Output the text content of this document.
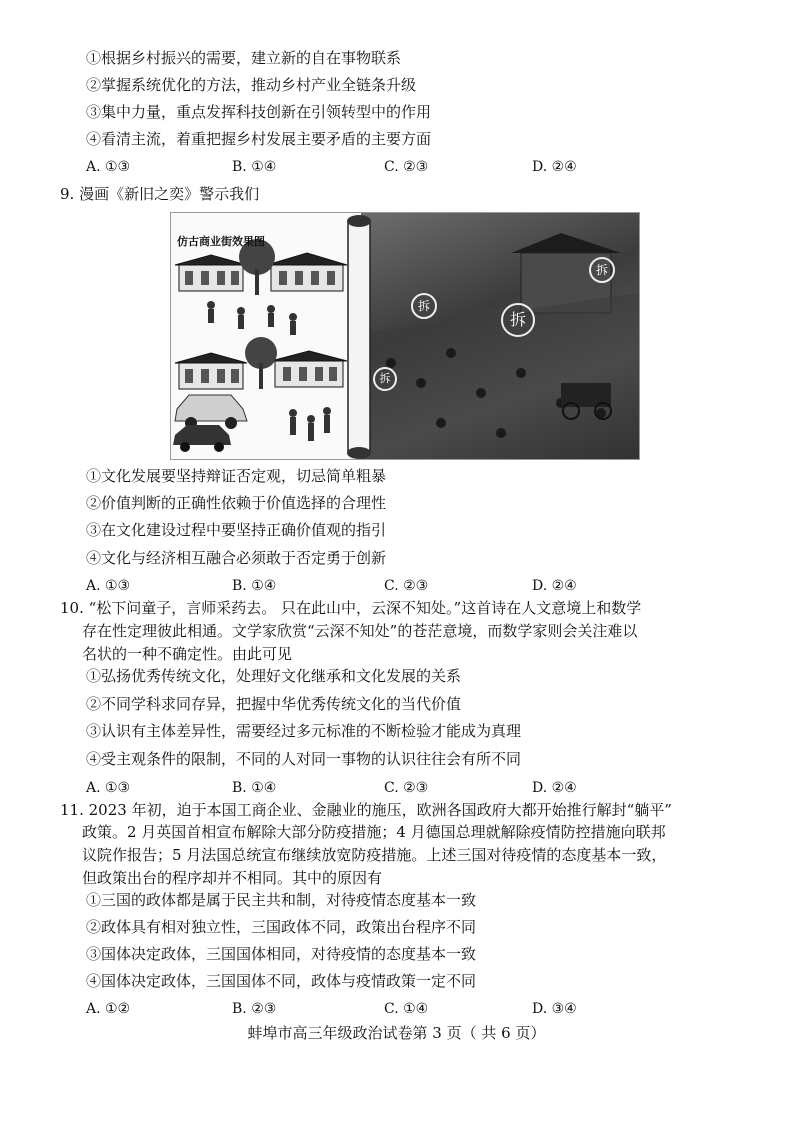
①根据乡村振兴的需要，建立新的自在事物联系
②掌握系统优化的方法，推动乡村产业全链条升级
③集中力量，重点发挥科技创新在引领转型中的作用
④看清主流，着重把握乡村发展主要矛盾的主要方面
A. ①③	B. ①④	C. ②③	D. ②④
9. 漫画《新旧之奕》警示我们
仿古商业街效果图
拆
拆
拆
拆
①文化发展要坚持辩证否定观，切忌简单粗暴
②价值判断的正确性依赖于价值选择的合理性
③在文化建设过程中要坚持正确价值观的指引
④文化与经济相互融合必须敢于否定勇于创新
A. ①③	B. ①④	C. ②③	D. ②④
10. “松下问童子，言师采药去。 只在此山中，云深不知处。”这首诗在人文意境上和数学
存在性定理彼此相通。文学家欣赏“云深不知处”的苍茫意境，而数学家则会关注难以
名状的一种不确定性。由此可见
①弘扬优秀传统文化，处理好文化继承和文化发展的关系
②不同学科求同存异，把握中华优秀传统文化的当代价值
③认识有主体差异性，需要经过多元标准的不断检验才能成为真理
④受主观条件的限制，不同的人对同一事物的认识往往会有所不同
A. ①③	B. ①④	C. ②③	D. ②④
11. 2023 年初，迫于本国工商企业、金融业的施压，欧洲各国政府大都开始推行解封“躺平”
政策。2 月英国首相宣布解除大部分防疫措施；4 月德国总理就解除疫情防控措施向联邦
议院作报告；5 月法国总统宣布继续放宽防疫措施。上述三国对待疫情的态度基本一致，
但政策出台的程序却并不相同。其中的原因有
①三国的政体都是属于民主共和制，对待疫情态度基本一致
②政体具有相对独立性，三国政体不同，政策出台程序不同
③国体决定政体，三国国体相同，对待疫情的态度基本一致
④国体决定政体，三国国体不同，政体与疫情政策一定不同
A. ①②	B. ②③	C. ①④	D. ③④
蚌埠市高三年级政治试卷第 3 页（ 共 6 页）
